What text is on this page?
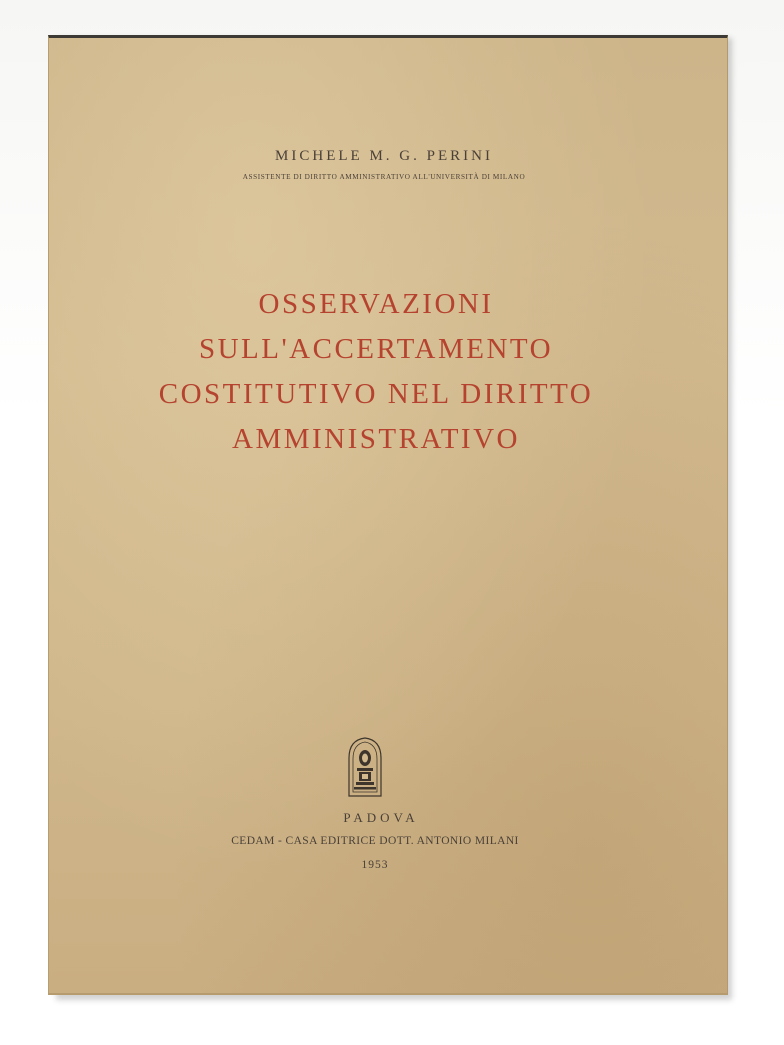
MICHELE M. G. PERINI
ASSISTENTE DI DIRITTO AMMINISTRATIVO ALL'UNIVERSITÀ DI MILANO
OSSERVAZIONI
SULL'ACCERTAMENTO
COSTITUTIVO NEL DIRITTO
AMMINISTRATIVO
PADOVA
CEDAM - CASA EDITRICE DOTT. ANTONIO MILANI
1953
